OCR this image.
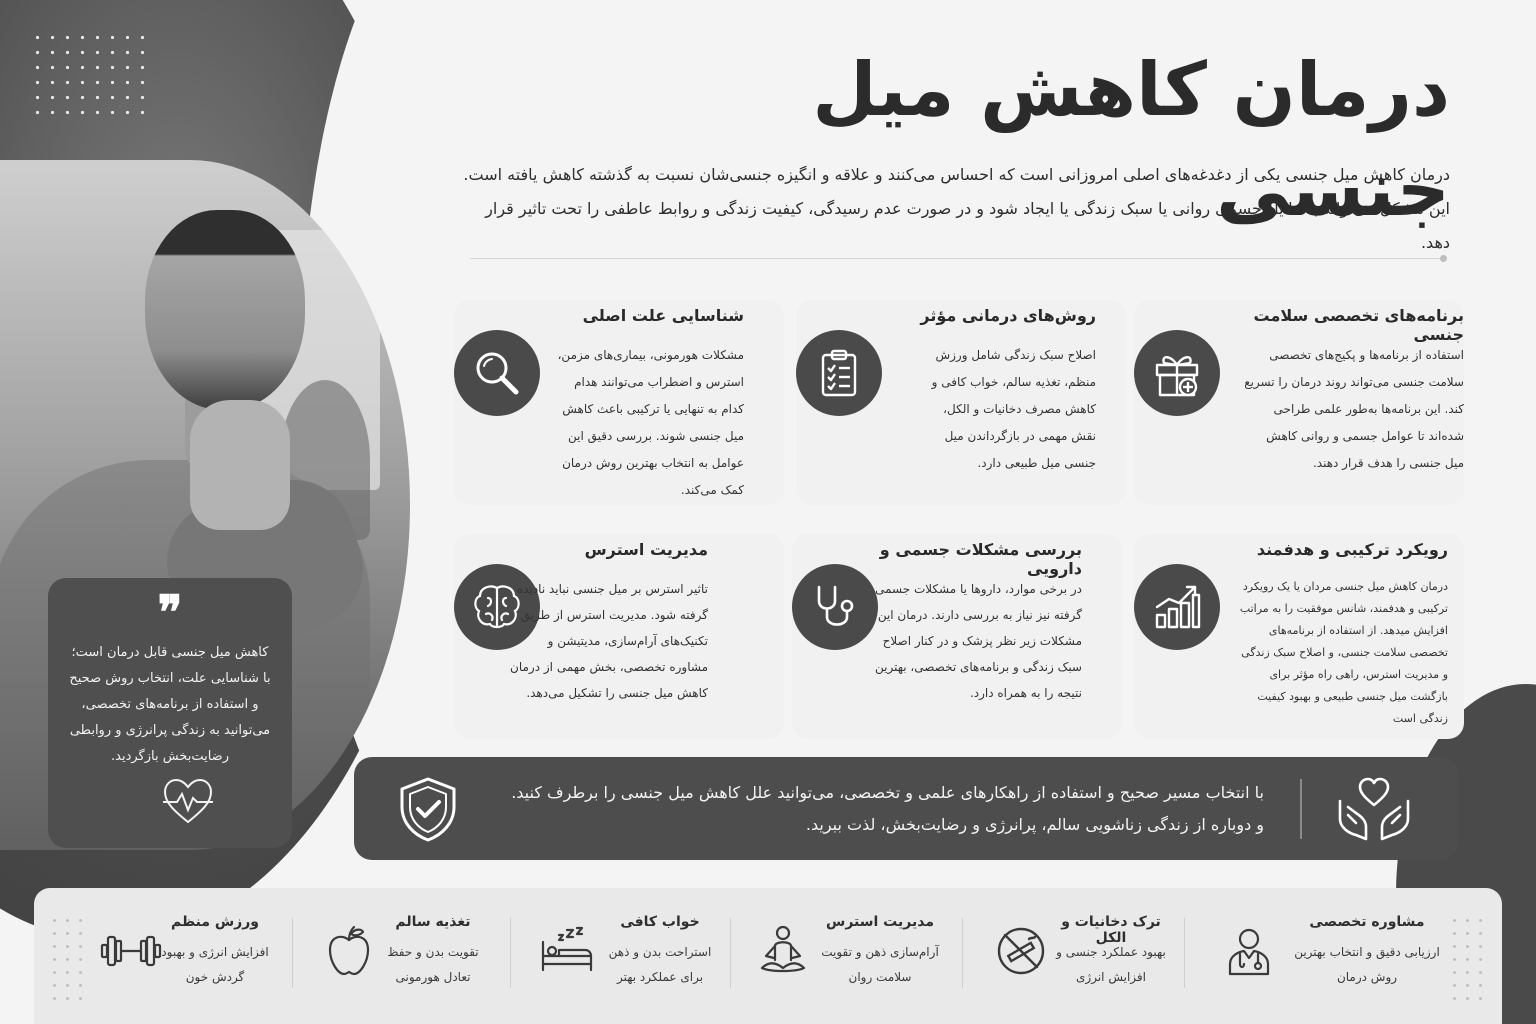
❞
کاهش میل جنسی قابل درمان است؛ با شناسایی علت، انتخاب روش صحیح و استفاده از برنامه‌های تخصصی، می‌توانید به زندگی پرانرژی و روابطی رضایت‌بخش بازگردید.
درمان کاهش میل جنسی
درمان کاهش میل جنسی یکی از دغدغه‌های اصلی امروزانی است که احساس می‌کنند و علاقه و انگیزه جنسی‌شان نسبت به گذشته کاهش یافته است.
این مشکل می‌تواند به دلایل جسمی روانی یا سبک زندگی یا ایجاد شود و در صورت عدم رسیدگی، کیفیت زندگی و روابط عاطفی را تحت تاثیر قرار دهد.
برنامه‌های تخصصی سلامت جنسی
استفاده از برنامه‌ها و پکیج‌های تخصصی سلامت جنسی می‌تواند روند درمان را تسریع کند. این برنامه‌ها به‌طور علمی طراحی شده‌اند تا عوامل جسمی و روانی کاهش میل جنسی را هدف قرار دهند.
روش‌های درمانی مؤثر
اصلاح سبک زندگی شامل ورزش منظم، تغذیه سالم، خواب کافی و کاهش مصرف دخانیات و الکل، نقش مهمی در بازگرداندن میل جنسی میل طبیعی دارد.
شناسایی علت اصلی
مشکلات هورمونی، بیماری‌های مزمن، استرس و اضطراب می‌توانند هدام کدام به تنهایی یا ترکیبی باعث کاهش میل جنسی شوند. بررسی دقیق این عوامل به انتخاب بهترین روش درمان کمک می‌کند.
رویکرد ترکیبی و هدفمند
درمان کاهش میل جنسی مردان یا یک رویکرد ترکیبی و هدفمند، شانس موفقیت را به مراتب افزایش میدهد. از استفاده از برنامه‌های تخصصی سلامت جنسی، و اصلاح سبک زندگی و مدیریت استرس، راهی راه مؤثر برای بازگشت میل جنسی طبیعی و بهبود کیفیت زندگی است
بررسی مشکلات جسمی و دارویی
در برخی موارد، داروها یا مشکلات جسمی گرفته نیز نیاز به بررسی دارند. درمان این مشکلات زیر نظر پزشک و در کنار اصلاح سبک زندگی و برنامه‌های تخصصی، بهترین نتیجه را به همراه دارد.
مدیریت استرس
تاثیر استرس بر میل جنسی نباید نادیده گرفته شود. مدیریت استرس از طریق تکنیک‌های آرام‌سازی، مدیتیشن و مشاوره تخصصی، بخش مهمی از درمان کاهش میل جنسی را تشکیل می‌دهد.
با انتخاب مسیر صحیح و استفاده از راهکارهای علمی و تخصصی، می‌توانید علل کاهش میل جنسی را برطرف کنید.
و دوباره از زندگی زناشویی سالم، پرانرژی و رضایت‌بخش، لذت ببرید.
مشاوره تخصصی
ارزیابی دقیق و انتخاب بهترین روش درمان
ترک دخانیات و الکل
بهبود عملکرد جنسی و افزایش انرژی
مدیریت استرس
آرام‌سازی ذهن و تقویت سلامت روان
خواب کافی
استراحت بدن و ذهن برای عملکرد بهتر
تغذیه سالم
تقویت بدن و حفظ تعادل هورمونی
ورزش منظم
افزایش انرژی و بهبود گردش خون
